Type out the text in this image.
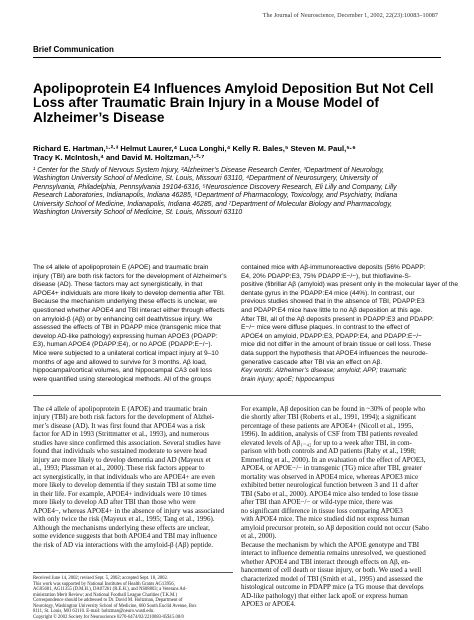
The Journal of Neuroscience, December 1, 2002, 22(23):10083–10087
Brief Communication
Apolipoprotein E4 Influences Amyloid Deposition But Not Cell
Loss after Traumatic Brain Injury in a Mouse Model of
Alzheimer’s Disease
Richard E. Hartman,¹·²·³ Helmut Laurer,⁴ Luca Longhi,⁴ Kelly R. Bales,⁵ Steven M. Paul,⁵·⁶
Tracy K. McIntosh,⁴ and David M. Holtzman,¹·²·⁷
¹ Center for the Study of Nervous System Injury, ²Alzheimer’s Disease Research Center, ³Department of Neurology,
Washington University School of Medicine, St. Louis, Missouri 63110, ⁴Department of Neurosurgery, University of
Pennsylvania, Philadelphia, Pennsylvania 19104-6316, ⁵Neuroscience Discovery Research, Eli Lilly and Company, Lilly
Research Laboratories, Indianapolis, Indiana 46285, ⁶Department of Pharmacology, Toxicology, and Psychiatry, Indiana
University School of Medicine, Indianapolis, Indiana 46285, and ⁷Department of Molecular Biology and Pharmacology,
Washington University School of Medicine, St. Louis, Missouri 63110
The ε4 allele of apolipoprotein E (APOE) and traumatic brain
injury (TBI) are both risk factors for the development of Alzheimer’s
disease (AD). These factors may act synergistically, in that
APOE4+ individuals are more likely to develop dementia after TBI.
Because the mechanism underlying these effects is unclear, we
questioned whether APOE4 and TBI interact either through effects
on amyloid-β (Aβ) or by enhancing cell death/tissue injury. We
assessed the effects of TBI in PDAPP mice (transgenic mice that
develop AD-like pathology) expressing human APOE3 (PDAPP:
E3), human APOE4 (PDAPP:E4), or no APOE (PDAPP:E−/−).
Mice were subjected to a unilateral cortical impact injury at 9–10
months of age and allowed to survive for 3 months. Aβ load,
hippocampal/cortical volumes, and hippocampal CA3 cell loss
were quantified using stereological methods. All of the groups
contained mice with Aβ-immunoreactive deposits (56% PDAPP:
E4, 20% PDAPP:E3, 75% PDAPP:E−/−), but thioflavine-S-
positive (fibrillar Aβ (amyloid) was present only in the molecular layer of the
dentate gyrus in the PDAPP:E4 mice (44%). In contrast, our
previous studies showed that in the absence of TBI, PDAPP:E3
and PDAPP:E4 mice have little to no Aβ deposition at this age.
After TBI, all of the Aβ deposits present in PDAPP:E3 and PDAPP:
E−/− mice were diffuse plaques. In contrast to the effect of
APOE4 on amyloid, PDAPP:E3, PDAPP:E4, and PDAPP:E−/−
mice did not differ in the amount of brain tissue or cell loss. These
data support the hypothesis that APOE4 influences the neurode-
generative cascade after TBI via an effect on Aβ.
Key words: Alzheimer’s disease; amyloid; APP; traumatic
brain injury; apoE; hippocampus
The ε4 allele of apolipoprotein E (APOE) and traumatic brain
injury (TBI) are both risk factors for the development of Alzhei-
mer’s disease (AD). It was first found that APOE4 was a risk
factor for AD in 1993 (Strittmatter et al., 1993), and numerous
studies have since confirmed this association. Several studies have
found that individuals who sustained moderate to severe head
injury are more likely to develop dementia and AD (Mayeux et
al., 1993; Plassman et al., 2000). These risk factors appear to
act synergistically, in that individuals who are APOE4+ are even
more likely to develop dementia if they sustain TBI at some time
in their life. For example, APOE4+ individuals were 10 times
more likely to develop AD after TBI than those who were
APOE4−, whereas APOE4+ in the absence of injury was associated
with only twice the risk (Mayeux et al., 1995; Tang et al., 1996).
Although the mechanisms underlying these effects are unclear,
some evidence suggests that both APOE4 and TBI may influence
the risk of AD via interactions with the amyloid-β (Aβ) peptide.
For example, Aβ deposition can be found in ~30% of people who
die shortly after TBI (Roberts et al., 1991, 1994); a significant
percentage of these patients are APOE4+ (Nicoll et al., 1995,
1996). In addition, analysis of CSF from TBI patients revealed
elevated levels of Aβ₁₋₄₂ for up to a week after TBI, in com-
parison with both controls and AD patients (Raby et al., 1998;
Emmerling et al., 2000). In an evaluation of the effect of APOE3,
APOE4, or APOE−/− in transgenic (TG) mice after TBI, greater
mortality was observed in APOE4 mice, whereas APOE3 mice
exhibited better neurological function between 3 and 11 d after
TBI (Sabo et al., 2000). APOE4 mice also tended to lose tissue
after TBI than APOE−/− or wild-type mice, there was
no significant difference in tissue loss comparing APOE3
with APOE4 mice. The mice studied did not express human
amyloid precursor protein, so Aβ deposition could not occur (Sabo
et al., 2000).
Because the mechanism by which the APOE genotype and TBI
interact to influence dementia remains unresolved, we questioned
whether APOE4 and TBI interact through effects on Aβ, en-
hancement of cell death or tissue injury, or both. We used a well
characterized model of TBI (Smith et al., 1995) and assessed the
histological outcome in PDAPP mice (a TG mouse that develops
AD-like pathology) that either lack apoE or express human
APOE3 or APOE4.
Received June 14, 2002; revised Sept. 5, 2002; accepted Sept. 18, 2002.
This work was supported by National Institutes of Health Grants AG13956,
AG05681, AG11355 (D.M.H.), DA07261 (R.E.H.), and NS08803; a Veterans Ad-
ministration Merit Review; and National Football League Charities (T.K.M.)
Correspondence should be addressed to Dr. David M. Holtzman, Department of
Neurology, Washington University School of Medicine, 660 South Euclid Avenue, Box
8111, St. Louis, MO 63110. E-mail: holtzman@neuro.wustl.edu.
Copyright © 2002 Society for Neuroscience 0270-6474/02/2210083-05$15.00/0
